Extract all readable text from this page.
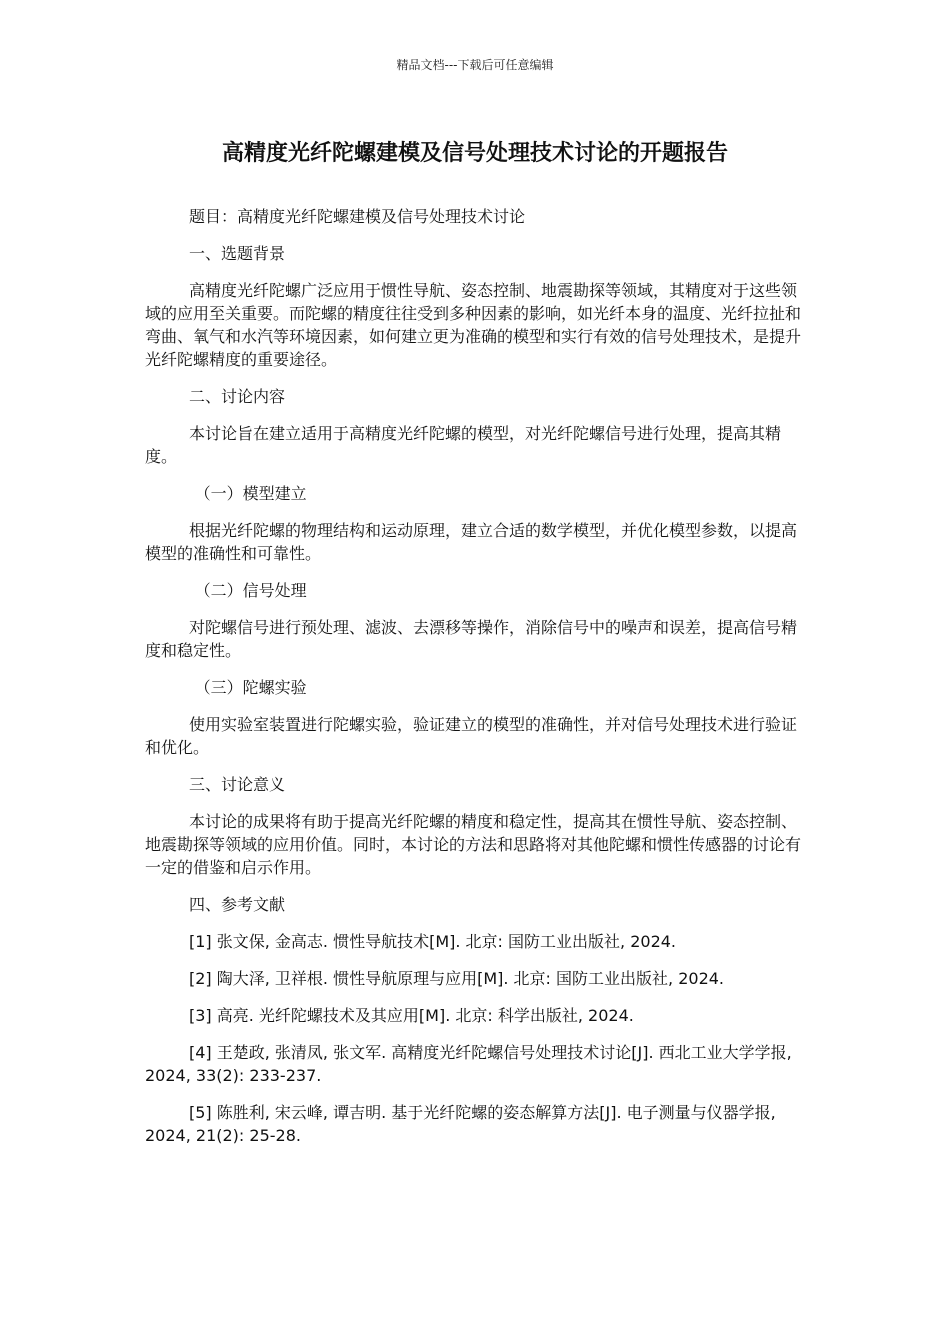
精品文档---下载后可任意编辑
高精度光纤陀螺建模及信号处理技术讨论的开题报告

题目：高精度光纤陀螺建模及信号处理技术讨论

一、选题背景

高精度光纤陀螺广泛应用于惯性导航、姿态控制、地震勘探等领域，其精度对于这些领域的应用至关重要。而陀螺的精度往往受到多种因素的影响，如光纤本身的温度、光纤拉扯和弯曲、氧气和水汽等环境因素，如何建立更为准确的模型和实行有效的信号处理技术，是提升光纤陀螺精度的重要途径。

二、讨论内容

本讨论旨在建立适用于高精度光纤陀螺的模型，对光纤陀螺信号进行处理，提高其精度。

（一）模型建立

根据光纤陀螺的物理结构和运动原理，建立合适的数学模型，并优化模型参数，以提高模型的准确性和可靠性。

（二）信号处理

对陀螺信号进行预处理、滤波、去漂移等操作，消除信号中的噪声和误差，提高信号精度和稳定性。

（三）陀螺实验

使用实验室装置进行陀螺实验，验证建立的模型的准确性，并对信号处理技术进行验证和优化。

三、讨论意义

本讨论的成果将有助于提高光纤陀螺的精度和稳定性，提高其在惯性导航、姿态控制、地震勘探等领域的应用价值。同时，本讨论的方法和思路将对其他陀螺和惯性传感器的讨论有一定的借鉴和启示作用。

四、参考文献

[1] 张文保, 金高志. 惯性导航技术[M]. 北京: 国防工业出版社, 2024.

[2] 陶大泽, 卫祥根. 惯性导航原理与应用[M]. 北京: 国防工业出版社, 2024.

[3] 高亮. 光纤陀螺技术及其应用[M]. 北京: 科学出版社, 2024.

[4] 王楚政, 张清凤, 张文军. 高精度光纤陀螺信号处理技术讨论[J]. 西北工业大学学报, 2024, 33(2): 233-237.

[5] 陈胜利, 宋云峰, 谭吉明. 基于光纤陀螺的姿态解算方法[J]. 电子测量与仪器学报, 2024, 21(2): 25-28.
